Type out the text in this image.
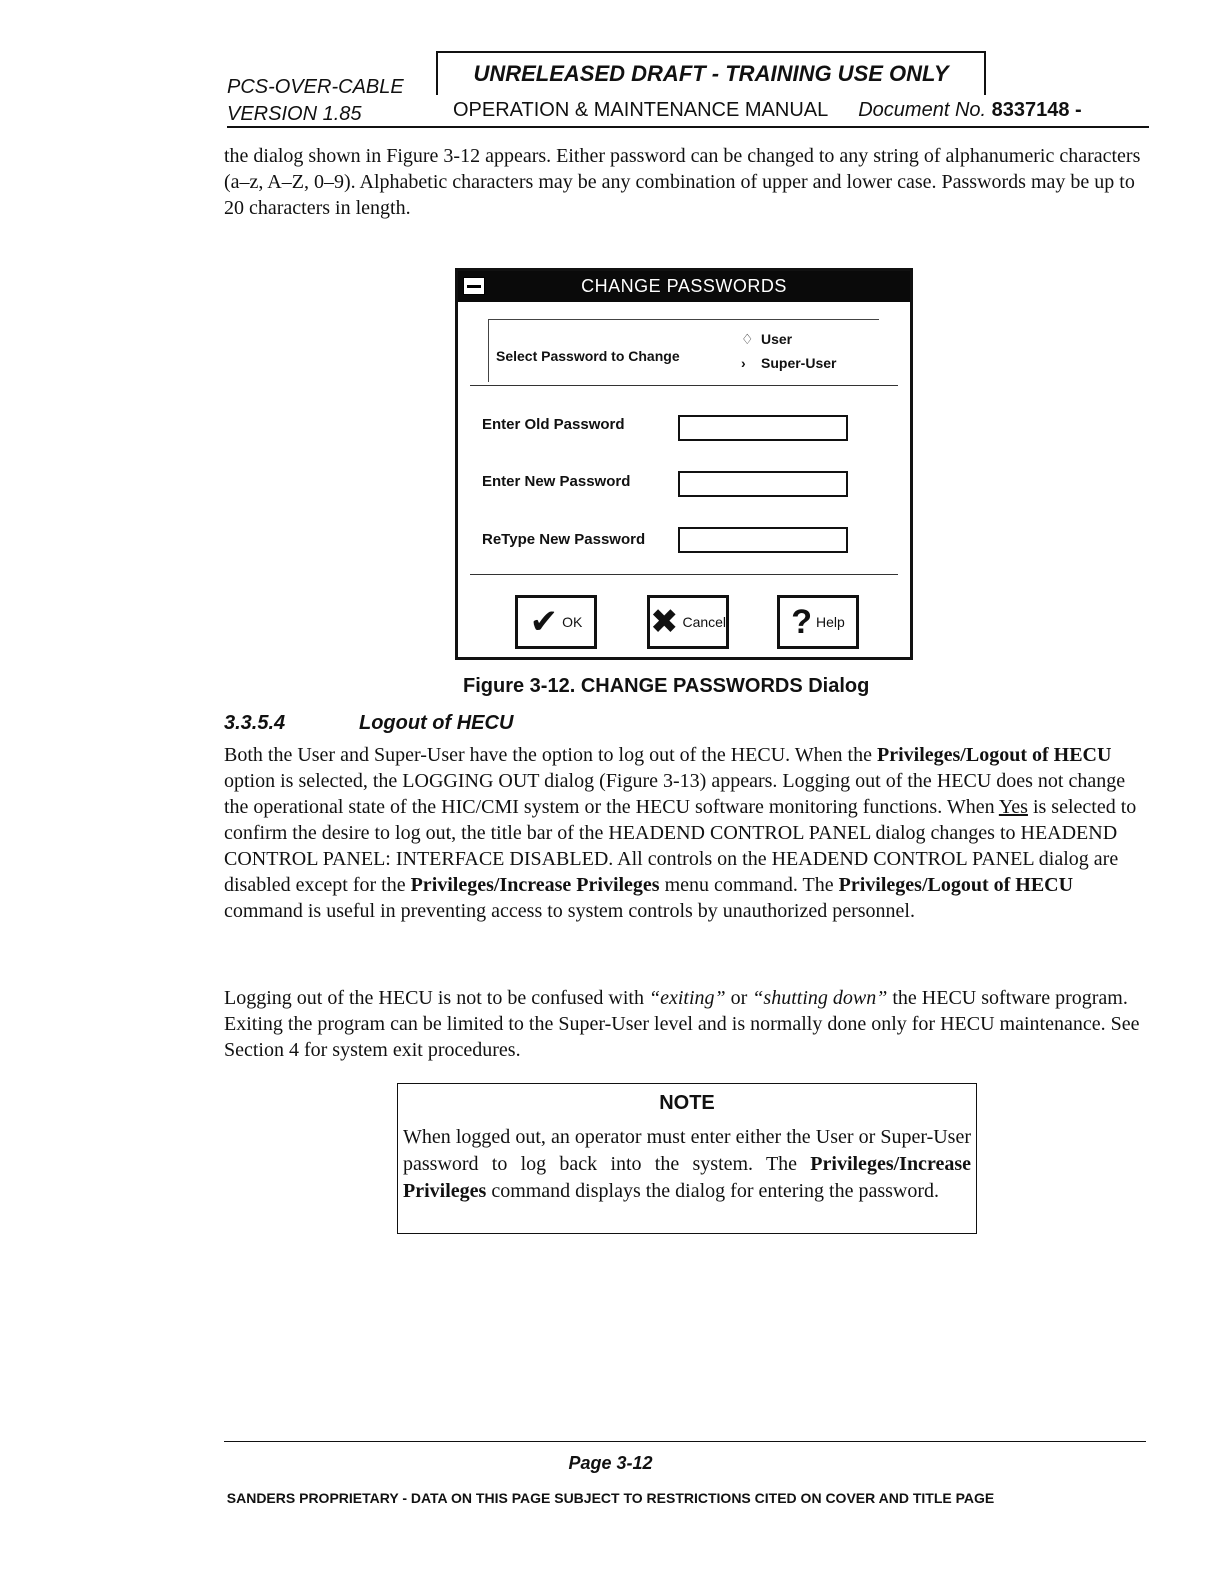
PCS-OVER-CABLE
VERSION 1.85
UNRELEASED DRAFT - TRAINING USE ONLY
OPERATION & MAINTENANCE MANUAL Document No. 8337148 -
the dialog shown in Figure 3-12 appears. Either password can be changed to any string of alphanumeric characters (a–z, A–Z, 0–9). Alphabetic characters may be any combination of upper and lower case. Passwords may be up to 20 characters in length.
CHANGE PASSWORDS
Select Password to Change
♢ User
› Super-User
Enter Old Password
Enter New Password
ReType New Password
✔ OK ✖ Cancel ? Help
Figure 3-12. CHANGE PASSWORDS Dialog
3.3.5.4	Logout of HECU
Both the User and Super-User have the option to log out of the HECU. When the Privileges/Logout of HECU option is selected, the LOGGING OUT dialog (Figure 3-13) appears. Logging out of the HECU does not change the operational state of the HIC/CMI system or the HECU software monitoring functions. When Yes is selected to confirm the desire to log out, the title bar of the HEADEND CONTROL PANEL dialog changes to HEADEND CONTROL PANEL: INTERFACE DISABLED. All controls on the HEADEND CONTROL PANEL dialog are disabled except for the Privileges/Increase Privileges menu command. The Privileges/Logout of HECU command is useful in preventing access to system controls by unauthorized personnel.
Logging out of the HECU is not to be confused with “exiting” or “shutting down” the HECU software program. Exiting the program can be limited to the Super-User level and is normally done only for HECU maintenance. See Section 4 for system exit procedures.
NOTE
When logged out, an operator must enter either the User or Super-User password to log back into the system. The Privileges/Increase Privileges command displays the dialog for entering the password.
Page 3-12
SANDERS PROPRIETARY - DATA ON THIS PAGE SUBJECT TO RESTRICTIONS CITED ON COVER AND TITLE PAGE
